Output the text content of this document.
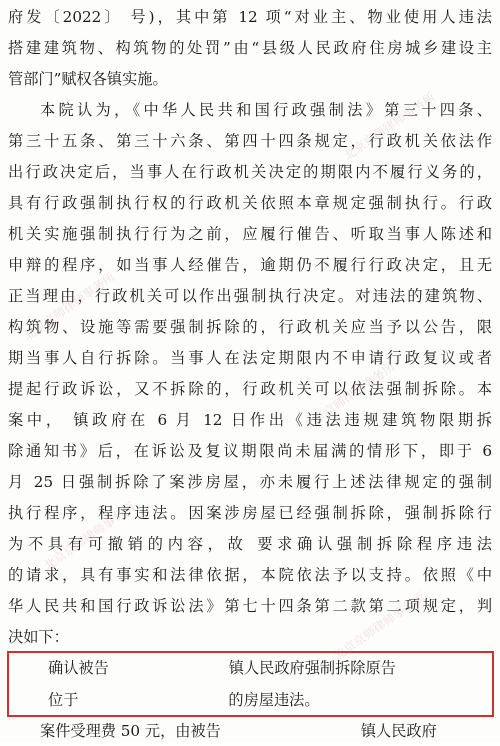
府发〔2022〕 号)，其中第 12 项“对业主、物业使用人违法
搭建建筑物、构筑物的处罚”由“县级人民政府住房城乡建设主
管部门”赋权各镇实施。
本院认为，《中华人民共和国行政强制法》第三十四条、
第三十五条、第三十六条、第四十四条规定，行政机关依法作
出行政决定后，当事人在行政机关决定的期限内不履行义务的，
具有行政强制执行权的行政机关依照本章规定强制执行。行政
机关实施强制执行行为之前，应履行催告、听取当事人陈述和
申辩的程序，如当事人经催告，逾期仍不履行行政决定，且无
正当理由，行政机关可以作出强制执行决定。对违法的建筑物、
构筑物、设施等需要强制拆除的，行政机关应当予以公告，限
期当事人自行拆除。当事人在法定期限内不申请行政复议或者
提起行政诉讼，又不拆除的，行政机关可以依法强制拆除。本
案中， 镇政府在 6 月 12 日作出《违法违规建筑物限期拆
除通知书》后，在诉讼及复议期限尚未届满的情形下，即于 6
月 25 日强制拆除了案涉房屋，亦未履行上述法律规定的强制
执行程序，程序违法。因案涉房屋已经强制拆除，强制拆除行
为不具有可撤销的内容，故 要求确认强制拆除程序违法
的请求，具有事实和法律依据，本院依法予以支持。依照《中
华人民共和国行政诉讼法》第七十四条第二款第二项规定，判
决如下：
确认被告	镇人民政府强制拆除原告
位于	的房屋违法。
案件受理费 50 元，由被告	镇人民政府
北京京师律师事务所
北京京师律师事务所
北京京师律师事务所
北京京师律师事务所
北京京师律师事务所
